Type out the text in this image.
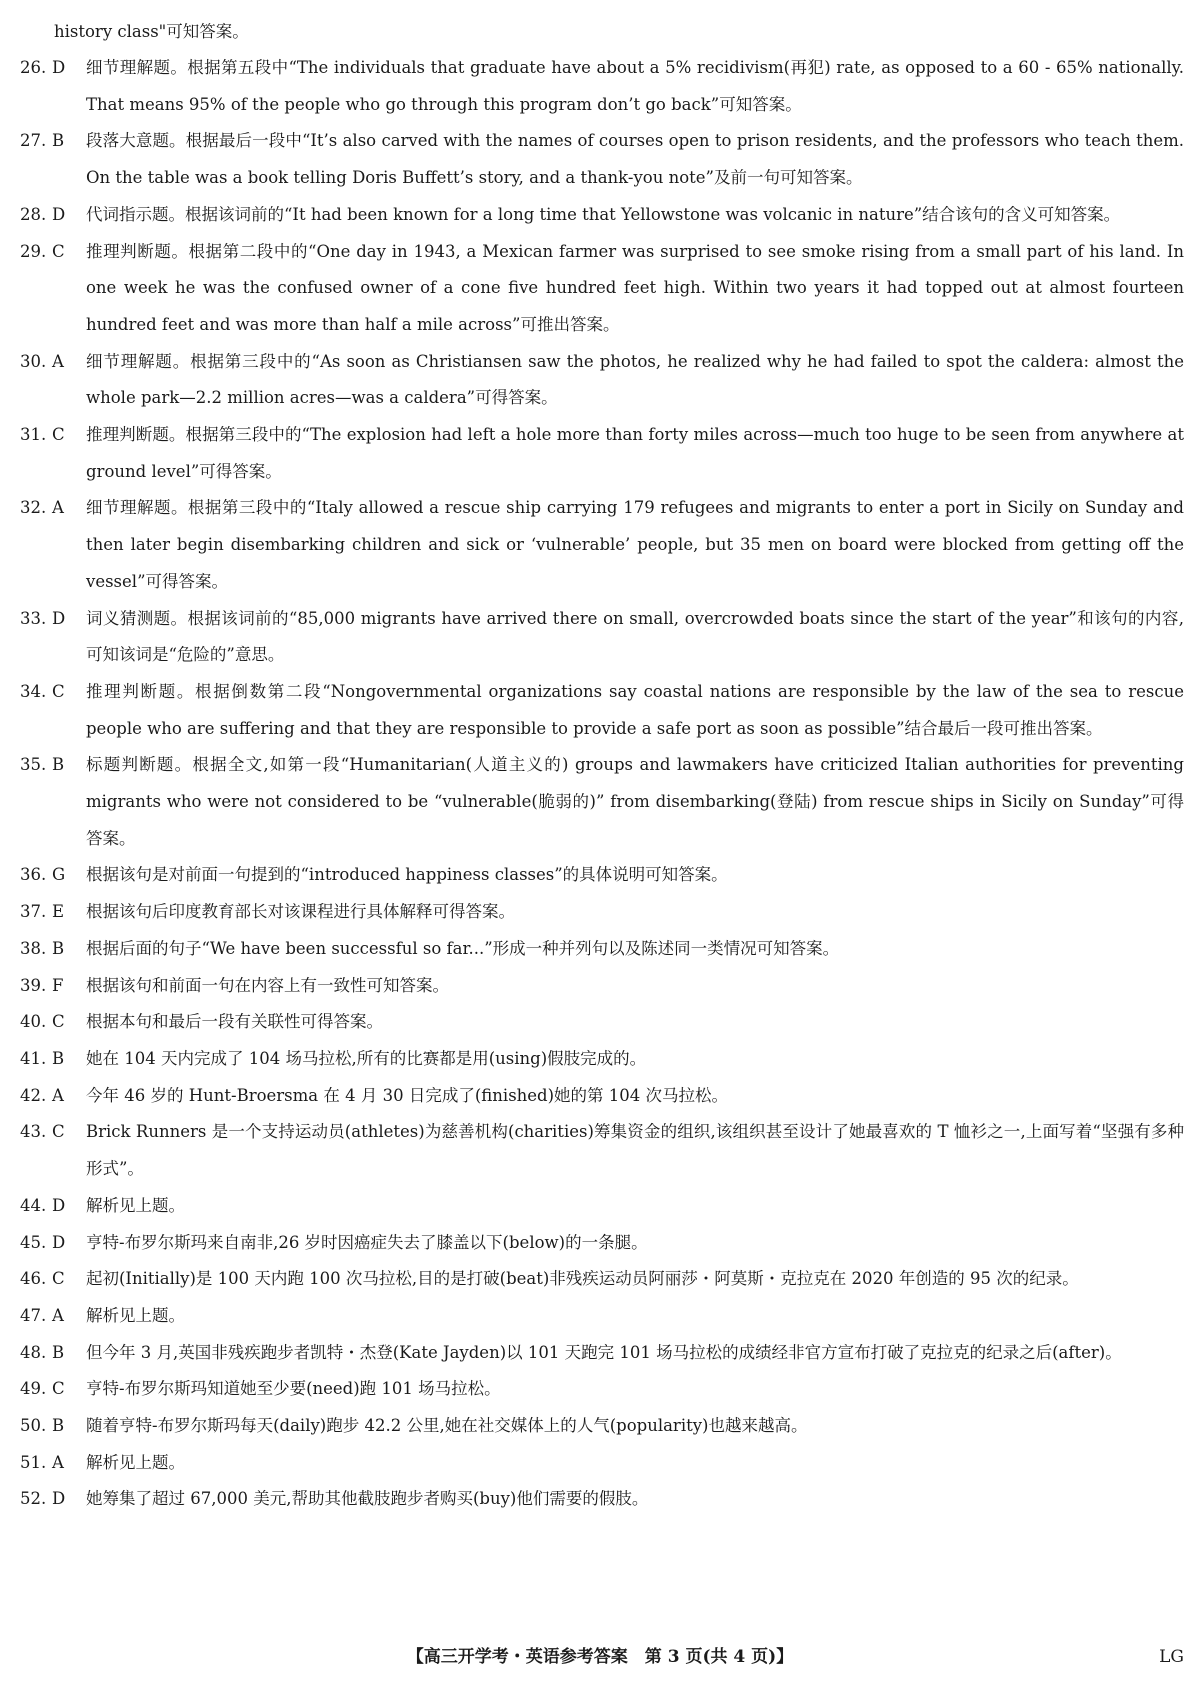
history class"可知答案。
26. D	细节理解题。根据第五段中“The individuals that graduate have about a 5% recidivism(再犯) rate, as opposed to a 60 - 65% nationally. That means 95% of the people who go through this program don’t go back”可知答案。
27. B	段落大意题。根据最后一段中“It’s also carved with the names of courses open to prison residents, and the professors who teach them. On the table was a book telling Doris Buffett’s story, and a thank-you note”及前一句可知答案。
28. D	代词指示题。根据该词前的“It had been known for a long time that Yellowstone was volcanic in nature”结合该句的含义可知答案。
29. C	推理判断题。根据第二段中的“One day in 1943, a Mexican farmer was surprised to see smoke rising from a small part of his land. In one week he was the confused owner of a cone five hundred feet high. Within two years it had topped out at almost fourteen hundred feet and was more than half a mile across”可推出答案。
30. A	细节理解题。根据第三段中的“As soon as Christiansen saw the photos, he realized why he had failed to spot the caldera: almost the whole park—2.2 million acres—was a caldera”可得答案。
31. C	推理判断题。根据第三段中的“The explosion had left a hole more than forty miles across—much too huge to be seen from anywhere at ground level”可得答案。
32. A	细节理解题。根据第三段中的“Italy allowed a rescue ship carrying 179 refugees and migrants to enter a port in Sicily on Sunday and then later begin disembarking children and sick or ‘vulnerable’ people, but 35 men on board were blocked from getting off the vessel”可得答案。
33. D	词义猜测题。根据该词前的“85,000 migrants have arrived there on small, overcrowded boats since the start of the year”和该句的内容,可知该词是“危险的”意思。
34. C	推理判断题。根据倒数第二段“Nongovernmental organizations say coastal nations are responsible by the law of the sea to rescue people who are suffering and that they are responsible to provide a safe port as soon as possible”结合最后一段可推出答案。
35. B	标题判断题。根据全文,如第一段“Humanitarian(人道主义的) groups and lawmakers have criticized Italian authorities for preventing migrants who were not considered to be “vulnerable(脆弱的)” from disembarking(登陆) from rescue ships in Sicily on Sunday”可得答案。
36. G	根据该句是对前面一句提到的“introduced happiness classes”的具体说明可知答案。
37. E	根据该句后印度教育部长对该课程进行具体解释可得答案。
38. B	根据后面的句子“We have been successful so far...”形成一种并列句以及陈述同一类情况可知答案。
39. F	根据该句和前面一句在内容上有一致性可知答案。
40. C	根据本句和最后一段有关联性可得答案。
41. B	她在 104 天内完成了 104 场马拉松,所有的比赛都是用(using)假肢完成的。
42. A	今年 46 岁的 Hunt-Broersma 在 4 月 30 日完成了(finished)她的第 104 次马拉松。
43. C	Brick Runners 是一个支持运动员(athletes)为慈善机构(charities)筹集资金的组织,该组织甚至设计了她最喜欢的 T 恤衫之一,上面写着“坚强有多种形式”。
44. D	解析见上题。
45. D	亨特-布罗尔斯玛来自南非,26 岁时因癌症失去了膝盖以下(below)的一条腿。
46. C	起初(Initially)是 100 天内跑 100 次马拉松,目的是打破(beat)非残疾运动员阿丽莎・阿莫斯・克拉克在 2020 年创造的 95 次的纪录。
47. A	解析见上题。
48. B	但今年 3 月,英国非残疾跑步者凯特・杰登(Kate Jayden)以 101 天跑完 101 场马拉松的成绩经非官方宣布打破了克拉克的纪录之后(after)。
49. C	亨特-布罗尔斯玛知道她至少要(need)跑 101 场马拉松。
50. B	随着亨特-布罗尔斯玛每天(daily)跑步 42.2 公里,她在社交媒体上的人气(popularity)也越来越高。
51. A	解析见上题。
52. D	她筹集了超过 67,000 美元,帮助其他截肢跑步者购买(buy)他们需要的假肢。
【高三开学考・英语参考答案　第 3 页(共 4 页)】	LG
